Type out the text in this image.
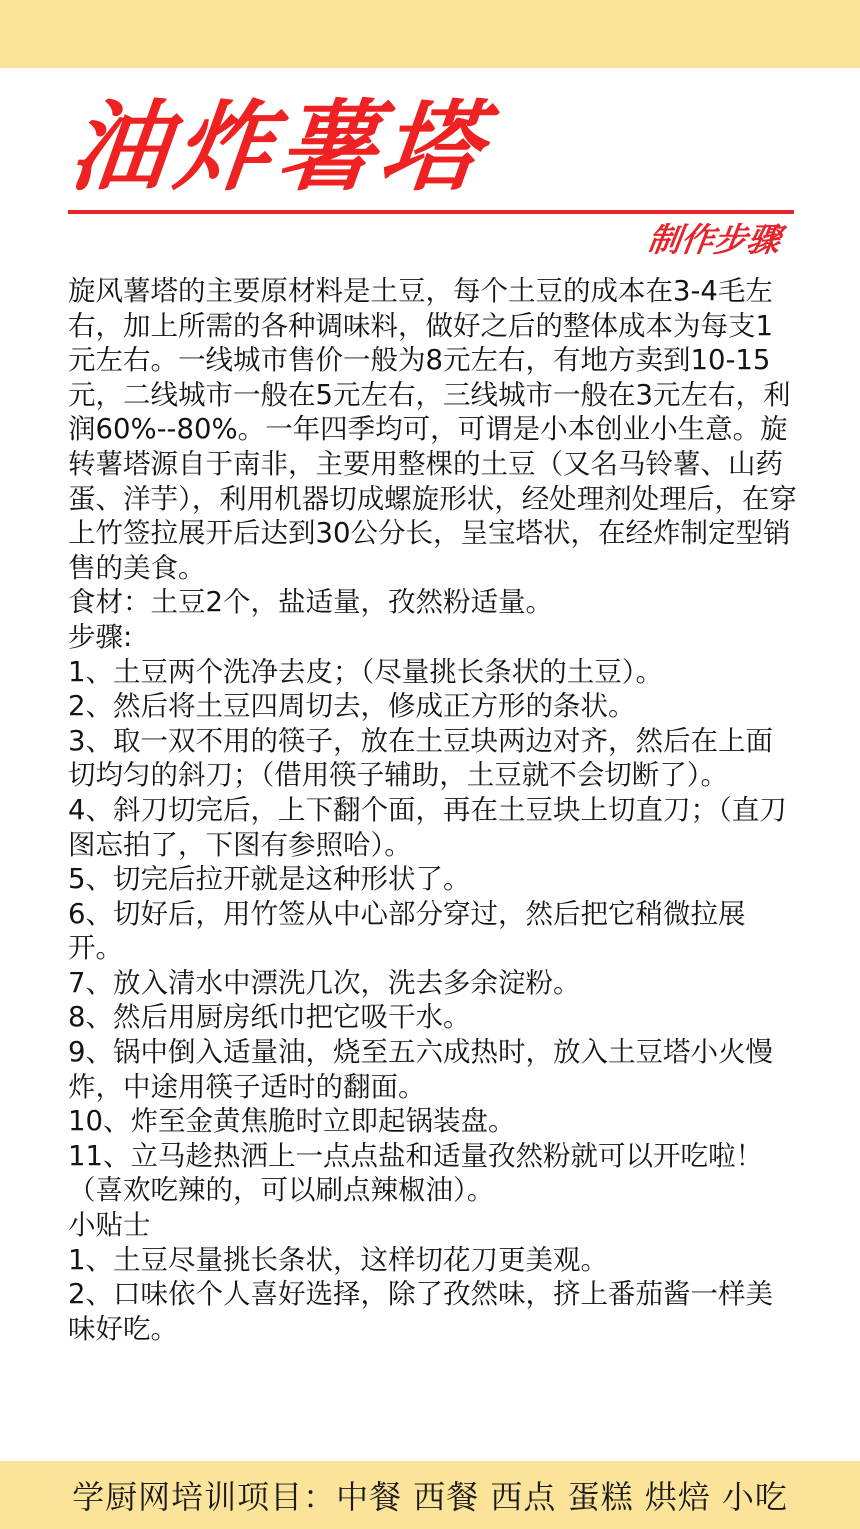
油炸薯塔
制作步骤

旋风薯塔的主要原材料是土豆，每个土豆的成本在3-4毛左右，加上所需的各种调味料，做好之后的整体成本为每支1元左右。一线城市售价一般为8元左右，有地方卖到10-15元，二线城市一般在5元左右，三线城市一般在3元左右，利润60%--80%。一年四季均可，可谓是小本创业小生意。旋转薯塔源自于南非，主要用整棵的土豆（又名马铃薯、山药蛋、洋芋），利用机器切成螺旋形状，经处理剂处理后，在穿上竹签拉展开后达到30公分长，呈宝塔状，在经炸制定型销售的美食。

食材：土豆2个，盐适量，孜然粉适量。

步骤:

1、土豆两个洗净去皮；（尽量挑长条状的土豆）。

2、然后将土豆四周切去，修成正方形的条状。

3、取一双不用的筷子，放在土豆块两边对齐，然后在上面切均匀的斜刀；（借用筷子辅助，土豆就不会切断了）。

4、斜刀切完后，上下翻个面，再在土豆块上切直刀；（直刀图忘拍了，下图有参照哈）。

5、切完后拉开就是这种形状了。

6、切好后，用竹签从中心部分穿过，然后把它稍微拉展开。

7、放入清水中漂洗几次，洗去多余淀粉。

8、然后用厨房纸巾把它吸干水。

9、锅中倒入适量油，烧至五六成热时，放入土豆塔小火慢炸，中途用筷子适时的翻面。

10、炸至金黄焦脆时立即起锅装盘。

11、立马趁热洒上一点点盐和适量孜然粉就可以开吃啦！（喜欢吃辣的，可以刷点辣椒油）。

小贴士

1、土豆尽量挑长条状，这样切花刀更美观。

2、口味依个人喜好选择，除了孜然味，挤上番茄酱一样美味好吃。

学厨网培训项目：中餐 西餐 西点 蛋糕 烘焙 小吃
